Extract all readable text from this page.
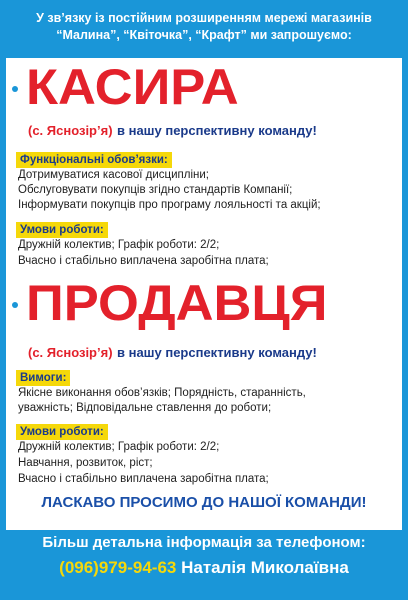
У зв’язку із постійним розширенням мережі магазинів
“Малина”, “Квіточка”, “Крафт” ми запрошуємо:
КАСИРА
(с. Яснозір’я) в нашу перспективну команду!
Функціональні обов’язки:
Дотримуватися касової дисципліни;
Обслуговувати покупців згідно стандартів Компанії;
Інформувати покупців про програму лояльності та акцій;
Умови роботи:
Дружній колектив; Графік роботи: 2/2;
Вчасно і стабільно виплачена заробітна плата;
ПРОДАВЦЯ
(с. Яснозір’я) в нашу перспективну команду!
Вимоги:
Якісне виконання обов’язків; Порядність, старанність,
уважність; Відповідальне ставлення до роботи;
Умови роботи:
Дружній колектив; Графік роботи: 2/2;
Навчання, розвиток, ріст;
Вчасно і стабільно виплачена заробітна плата;
ЛАСКАВО ПРОСИМО ДО НАШОЇ КОМАНДИ!
Більш детальна інформація за телефоном:
(096)979-94-63 Наталія Миколаївна
